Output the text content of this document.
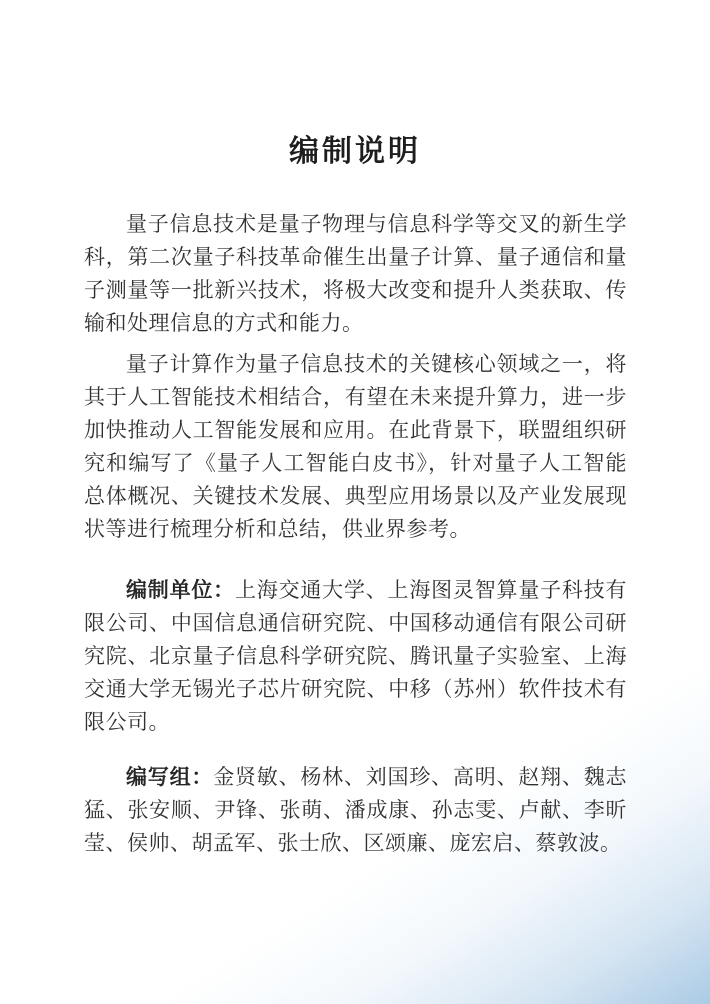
编制说明

量子信息技术是量子物理与信息科学等交叉的新生学科，第二次量子科技革命催生出量子计算、量子通信和量子测量等一批新兴技术，将极大改变和提升人类获取、传输和处理信息的方式和能力。

量子计算作为量子信息技术的关键核心领域之一，将其于人工智能技术相结合，有望在未来提升算力，进一步加快推动人工智能发展和应用。在此背景下，联盟组织研究和编写了《量子人工智能白皮书》，针对量子人工智能总体概况、关键技术发展、典型应用场景以及产业发展现状等进行梳理分析和总结，供业界参考。

编制单位：上海交通大学、上海图灵智算量子科技有限公司、中国信息通信研究院、中国移动通信有限公司研究院、北京量子信息科学研究院、腾讯量子实验室、上海交通大学无锡光子芯片研究院、中移（苏州）软件技术有限公司。

编写组：金贤敏、杨林、刘国珍、高明、赵翔、魏志猛、张安顺、尹锋、张萌、潘成康、孙志雯、卢献、李昕莹、侯帅、胡孟军、张士欣、区颂廉、庞宏启、蔡敦波。
